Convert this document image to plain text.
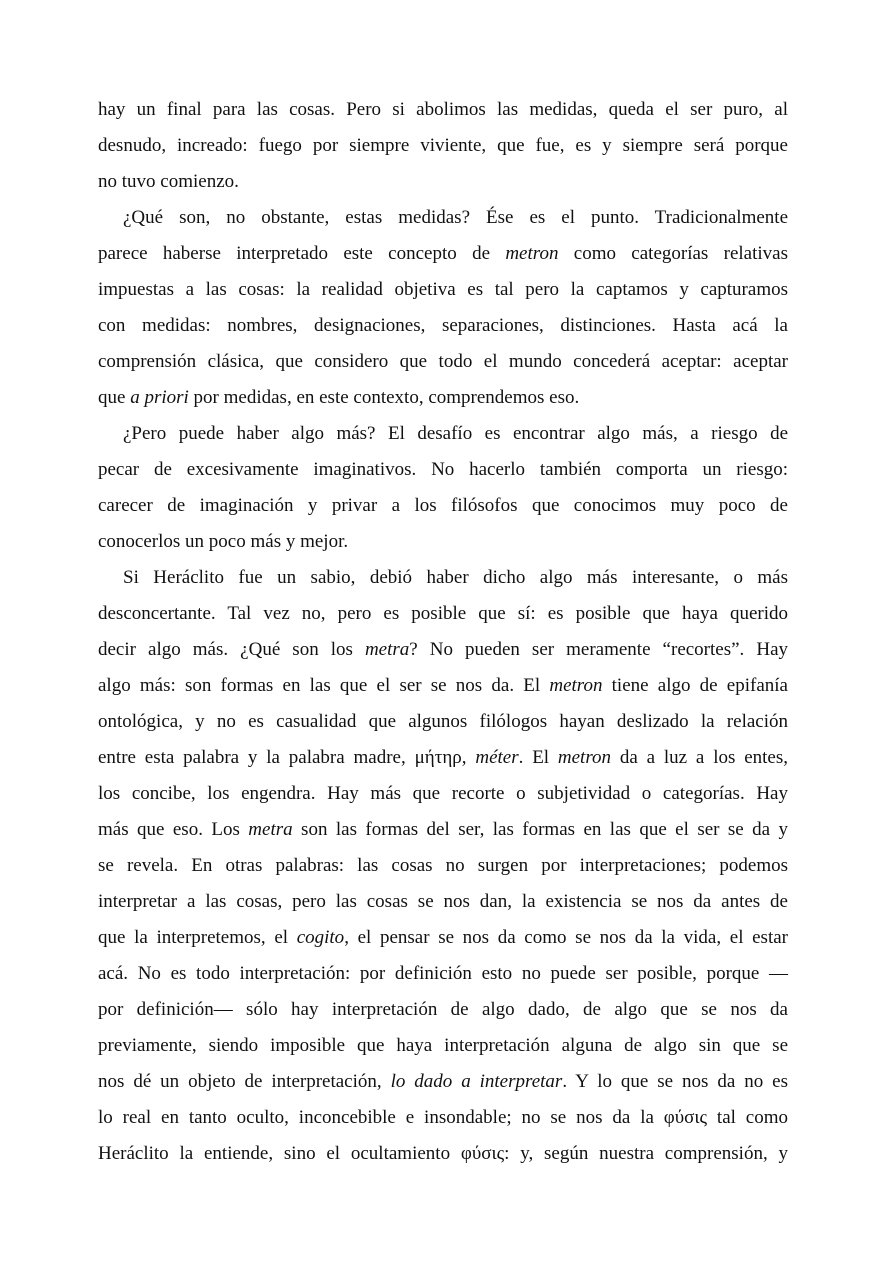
hay un final para las cosas. Pero si abolimos las medidas, queda el ser puro, al
desnudo, increado: fuego por siempre viviente, que fue, es y siempre será porque
no tuvo comienzo.
¿Qué son, no obstante, estas medidas? Ése es el punto. Tradicionalmente
parece haberse interpretado este concepto de metron como categorías relativas
impuestas a las cosas: la realidad objetiva es tal pero la captamos y capturamos
con medidas: nombres, designaciones, separaciones, distinciones. Hasta acá la
comprensión clásica, que considero que todo el mundo concederá aceptar: aceptar
que a priori por medidas, en este contexto, comprendemos eso.
¿Pero puede haber algo más? El desafío es encontrar algo más, a riesgo de
pecar de excesivamente imaginativos. No hacerlo también comporta un riesgo:
carecer de imaginación y privar a los filósofos que conocimos muy poco de
conocerlos un poco más y mejor.
Si Heráclito fue un sabio, debió haber dicho algo más interesante, o más
desconcertante. Tal vez no, pero es posible que sí: es posible que haya querido
decir algo más. ¿Qué son los metra? No pueden ser meramente “recortes”. Hay
algo más: son formas en las que el ser se nos da. El metron tiene algo de epifanía
ontológica, y no es casualidad que algunos filólogos hayan deslizado la relación
entre esta palabra y la palabra madre, μήτηρ, méter. El metron da a luz a los entes,
los concibe, los engendra. Hay más que recorte o subjetividad o categorías. Hay
más que eso. Los metra son las formas del ser, las formas en las que el ser se da y
se revela. En otras palabras: las cosas no surgen por interpretaciones; podemos
interpretar a las cosas, pero las cosas se nos dan, la existencia se nos da antes de
que la interpretemos, el cogito, el pensar se nos da como se nos da la vida, el estar
acá. No es todo interpretación: por definición esto no puede ser posible, porque —
por definición— sólo hay interpretación de algo dado, de algo que se nos da
previamente, siendo imposible que haya interpretación alguna de algo sin que se
nos dé un objeto de interpretación, lo dado a interpretar. Y lo que se nos da no es
lo real en tanto oculto, inconcebible e insondable; no se nos da la φύσις tal como
Heráclito la entiende, sino el ocultamiento φύσις: y, según nuestra comprensión, y
